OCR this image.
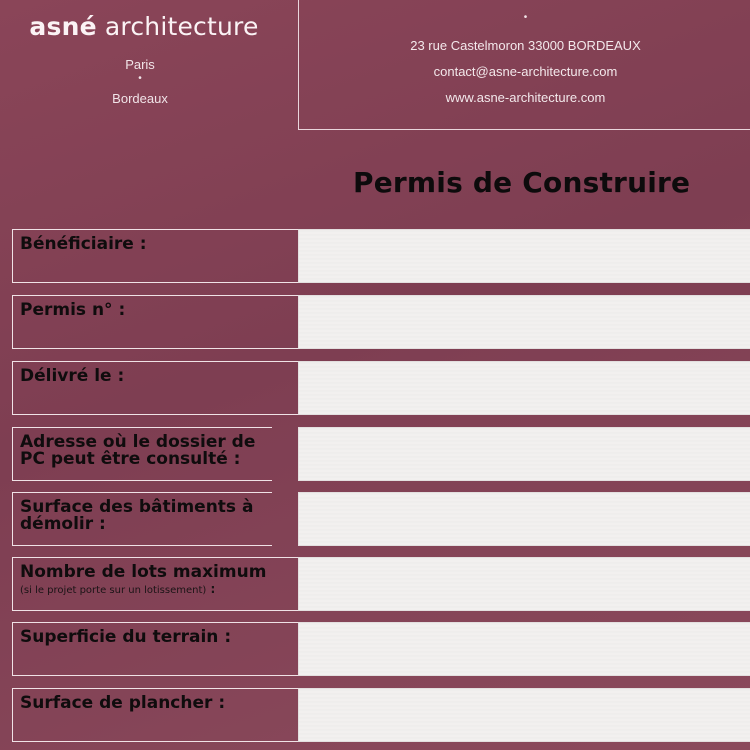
asné architecture
Paris
•
Bordeaux
•
23 rue Castelmoron 33000 BORDEAUX
contact@asne-architecture.com
www.asne-architecture.com
Permis de Construire
Bénéficiaire :
Permis n° :
Délivré le :
Adresse où le dossier de PC peut être consulté :
Surface des bâtiments à démolir :
Nombre de lots maximum
(si le projet porte sur un lotissement) :
Superficie du terrain :
Surface de plancher :
